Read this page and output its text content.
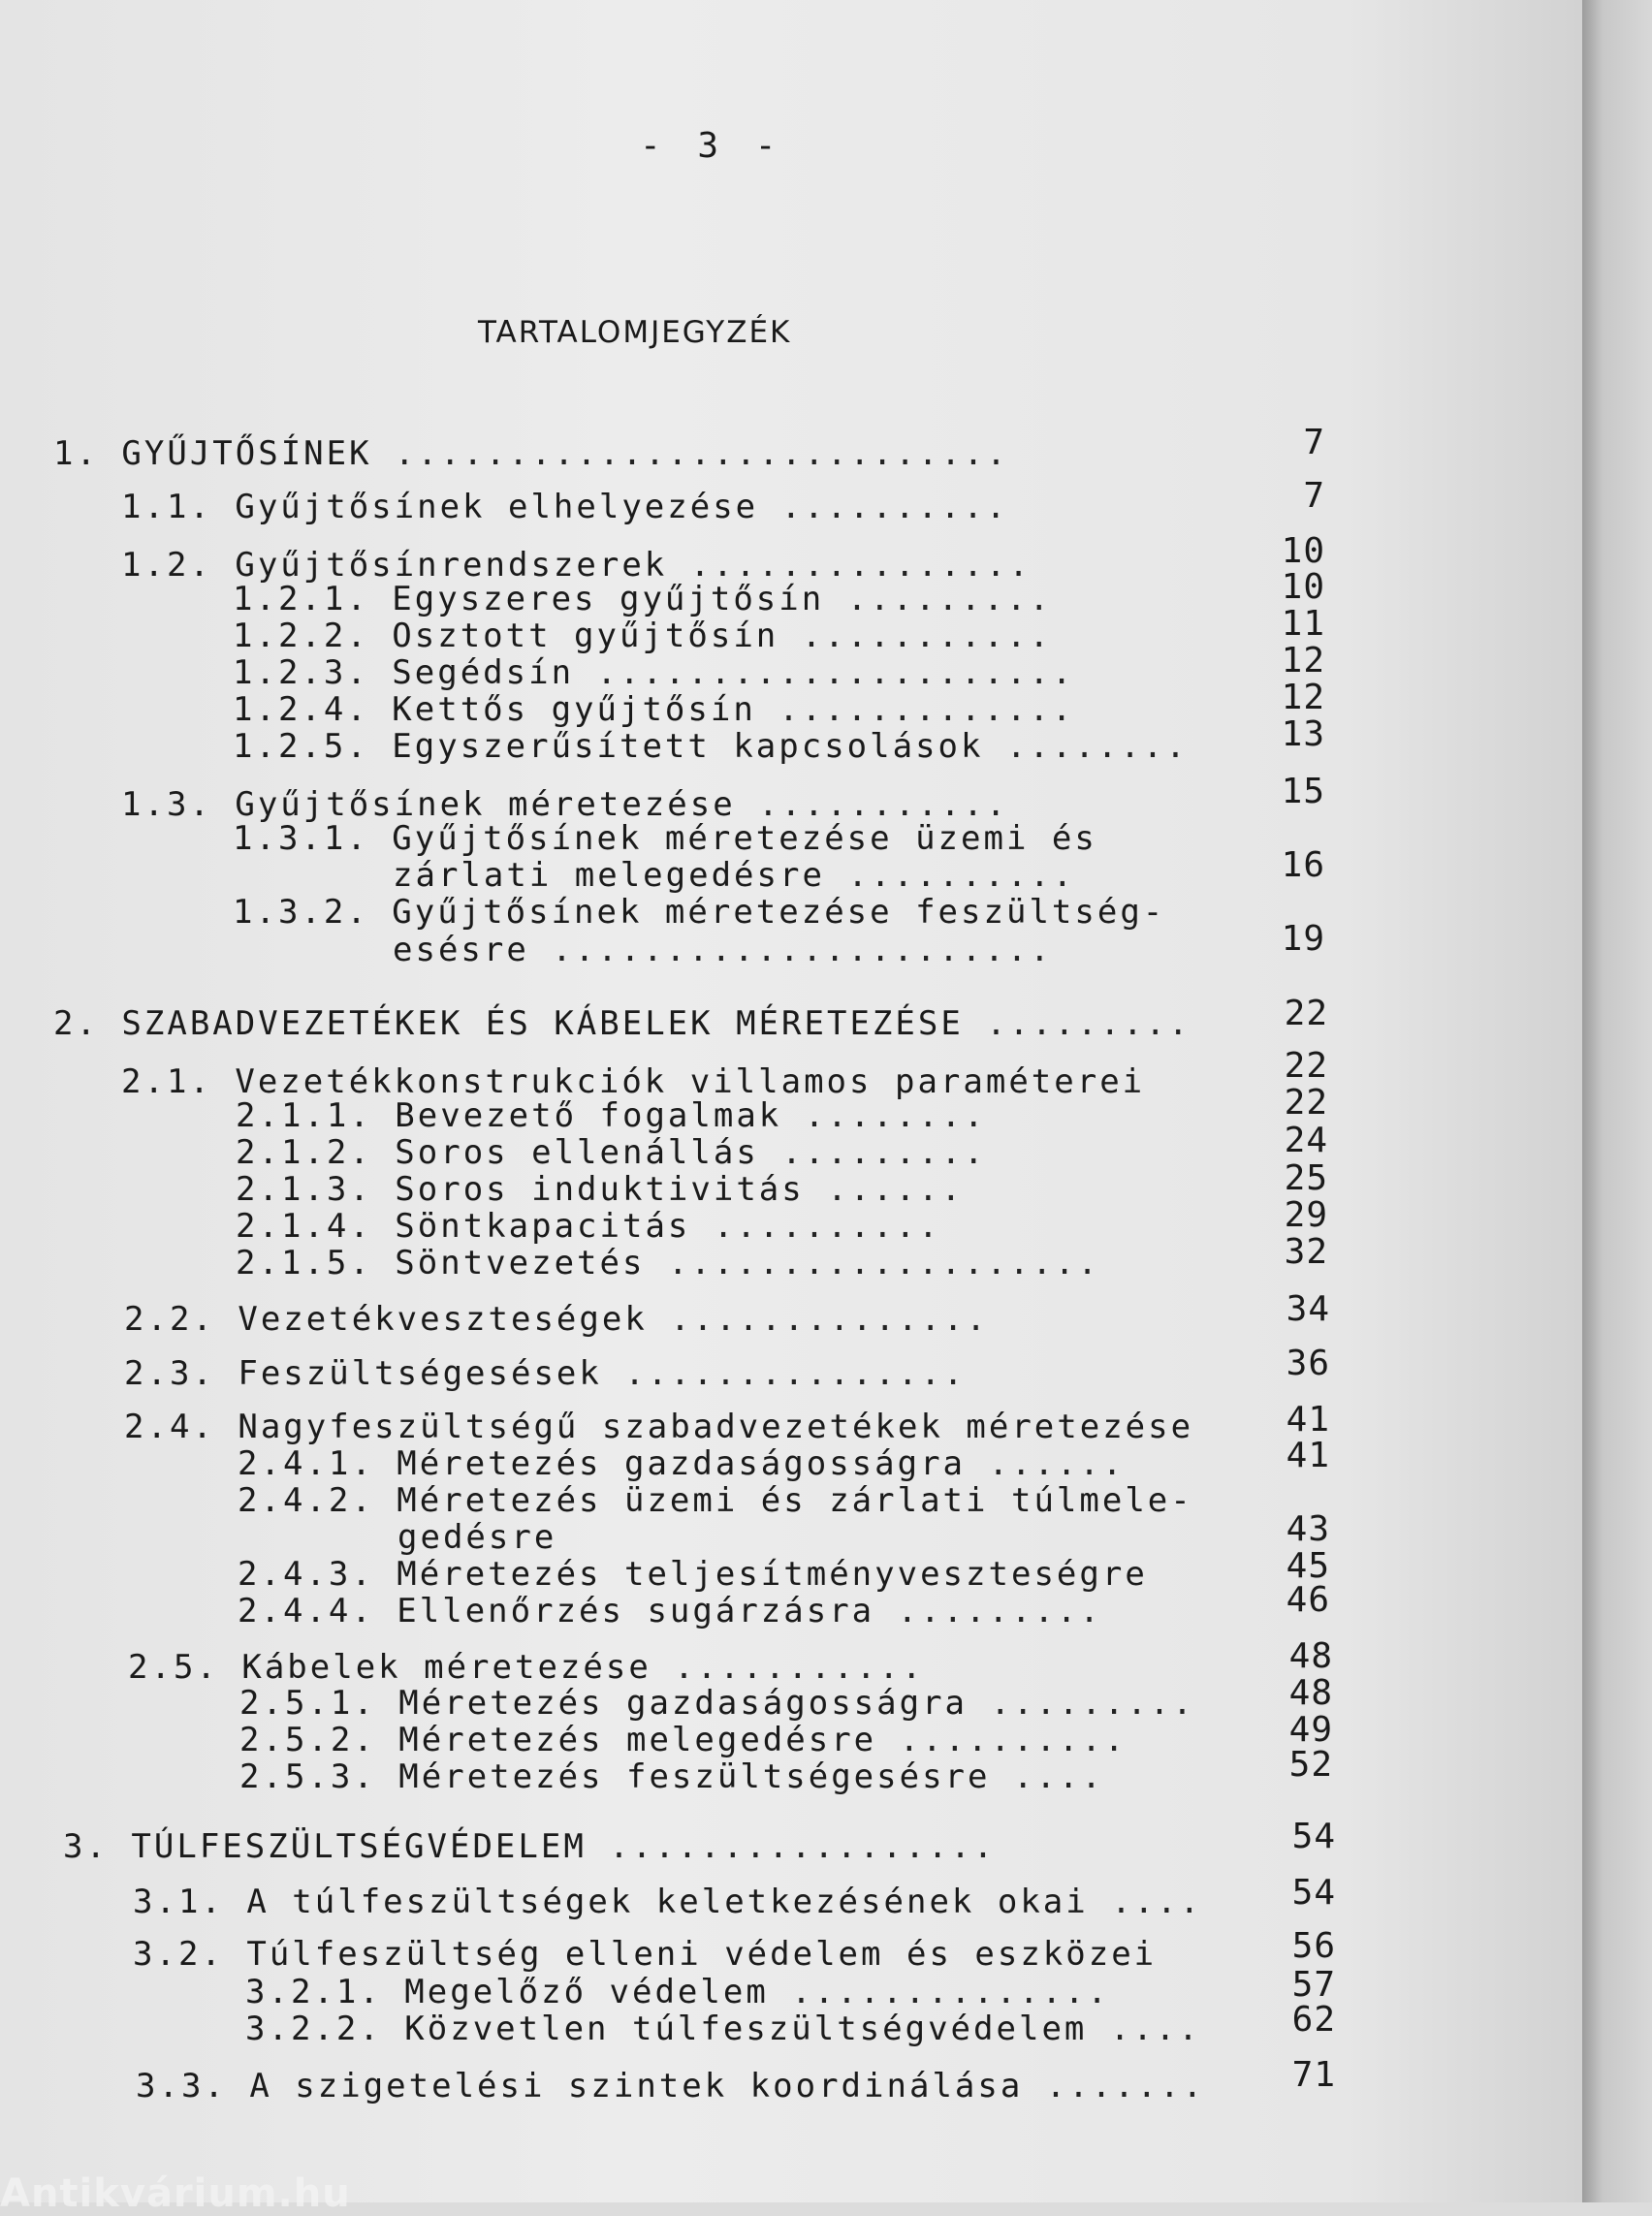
- 3 -
TARTALOMJEGYZÉK
1. GYŰJTŐSÍNEK ...........................	7
1.1. Gyűjtősínek elhelyezése ..........	7
1.2. Gyűjtősínrendszerek ...............	10
1.2.1. Egyszeres gyűjtősín .........	10
1.2.2. Osztott gyűjtősín ...........	11
1.2.3. Segédsín .....................	12
1.2.4. Kettős gyűjtősín .............	12
1.2.5. Egyszerűsített kapcsolások ........	13
1.3. Gyűjtősínek méretezése ...........	15
1.3.1. Gyűjtősínek méretezése üzemi és
zárlati melegedésre ..........	16
1.3.2. Gyűjtősínek méretezése feszültség-
esésre ......................	19
2. SZABADVEZETÉKEK ÉS KÁBELEK MÉRETEZÉSE .........	22
2.1. Vezetékkonstrukciók villamos paraméterei	22
2.1.1. Bevezető fogalmak ........	22
2.1.2. Soros ellenállás .........	24
2.1.3. Soros induktivitás ......	25
2.1.4. Söntkapacitás ..........	29
2.1.5. Söntvezetés ...................	32
2.2. Vezetékveszteségek ..............	34
2.3. Feszültségesések ...............	36
2.4. Nagyfeszültségű szabadvezetékek méretezése	41
2.4.1. Méretezés gazdaságosságra ......	41
2.4.2. Méretezés üzemi és zárlati túlmele-
gedésre	43
2.4.3. Méretezés teljesítményveszteségre	45
2.4.4. Ellenőrzés sugárzásra .........	46
2.5. Kábelek méretezése ...........	48
2.5.1. Méretezés gazdaságosságra .........	48
2.5.2. Méretezés melegedésre ..........	49
2.5.3. Méretezés feszültségesésre ....	52
3. TÚLFESZÜLTSÉGVÉDELEM .................	54
3.1. A túlfeszültségek keletkezésének okai ....	54
3.2. Túlfeszültség elleni védelem és eszközei	56
3.2.1. Megelőző védelem ..............	57
3.2.2. Közvetlen túlfeszültségvédelem ....	62
3.3. A szigetelési szintek koordinálása .......	71
Antikvárium.hu
